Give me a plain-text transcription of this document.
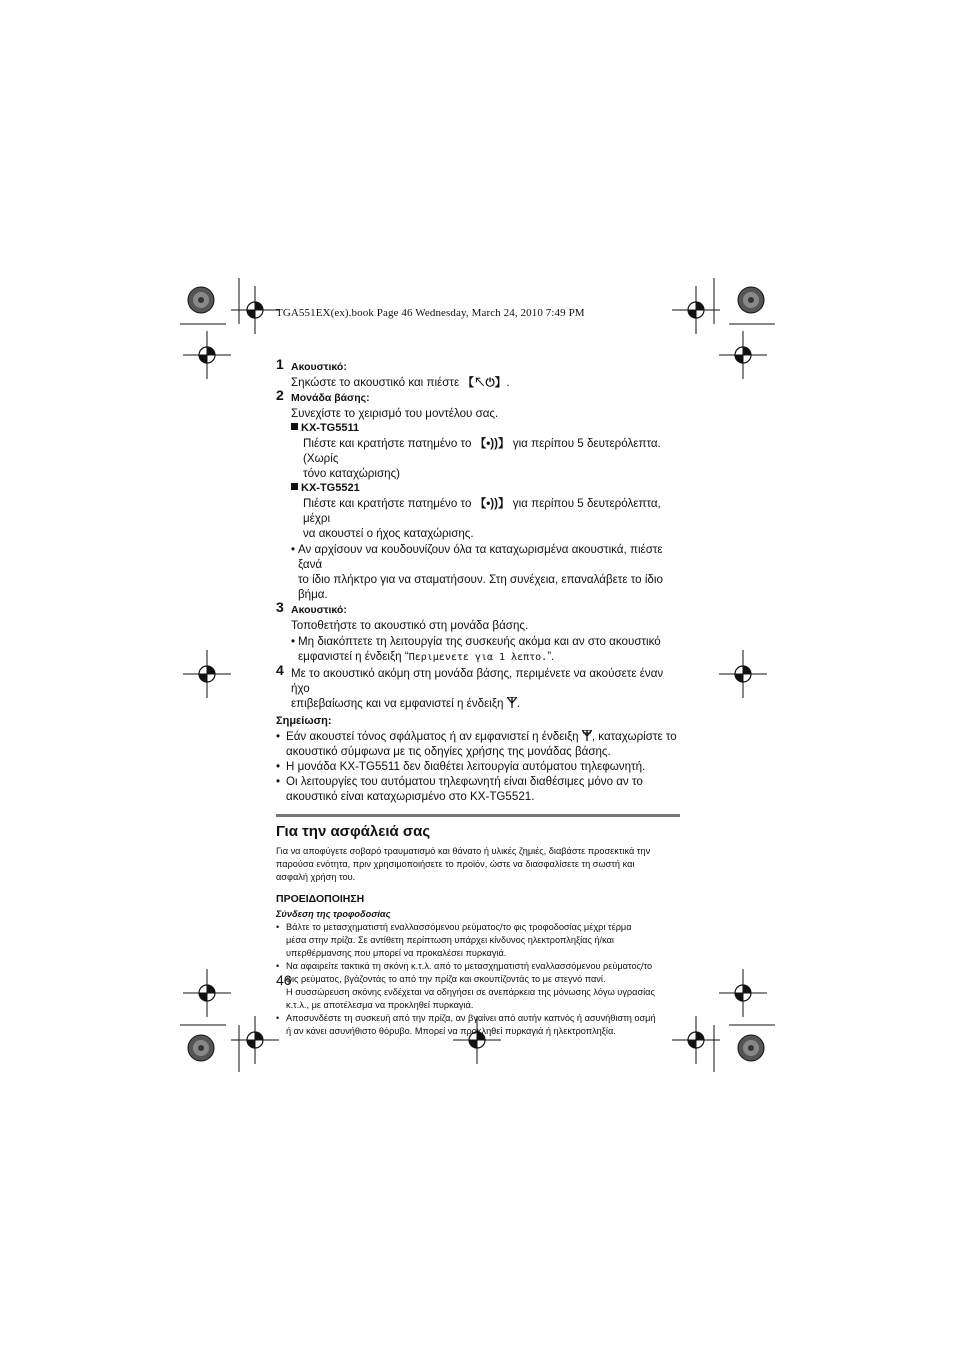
TGA551EX(ex).book Page 46 Wednesday, March 24, 2010 7:49 PM
1 Ακουστικό:
Σηκώστε το ακουστικό και πιέστε 【↖⏻】.
2 Μονάδα βάσης:
Συνεχίστε το χειρισμό του μοντέλου σας.
KX-TG5511
Πιέστε και κρατήστε πατημένο το 【•))】 για περίπου 5 δευτερόλεπτα. (Χωρίς
τόνο καταχώρισης)
KX-TG5521
Πιέστε και κρατήστε πατημένο το 【•))】 για περίπου 5 δευτερόλεπτα, μέχρι
να ακουστεί ο ήχος καταχώρισης.
• Αν αρχίσουν να κουδουνίζουν όλα τα καταχωρισμένα ακουστικά, πιέστε ξανά
το ίδιο πλήκτρο για να σταματήσουν. Στη συνέχεια, επαναλάβετε το ίδιο
βήμα.
3 Ακουστικό:
Τοποθετήστε το ακουστικό στη μονάδα βάσης.
• Μη διακόπτετε τη λειτουργία της συσκευής ακόμα και αν στο ακουστικό
εμφανιστεί η ένδειξη “Περιμενετε για 1 λεπτο.”.
4 Με το ακουστικό ακόμη στη μονάδα βάσης, περιμένετε να ακούσετε έναν ήχο
επιβεβαίωσης και να εμφανιστεί η ένδειξη .
Σημείωση:
• Εάν ακουστεί τόνος σφάλματος ή αν εμφανιστεί η ένδειξη , καταχωρίστε το
ακουστικό σύμφωνα με τις οδηγίες χρήσης της μονάδας βάσης.
• Η μονάδα KX-TG5511 δεν διαθέτει λειτουργία αυτόματου τηλεφωνητή.
• Οι λειτουργίες του αυτόματου τηλεφωνητή είναι διαθέσιμες μόνο αν το
ακουστικό είναι καταχωρισμένο στο KX-TG5521.
Για την ασφάλειά σας
Για να αποφύγετε σοβαρό τραυματισμό και θάνατο ή υλικές ζημιές, διαβάστε προσεκτικά την
παρούσα ενότητα, πριν χρησιμοποιήσετε το προϊόν, ώστε να διασφαλίσετε τη σωστή και
ασφαλή χρήση του.
ΠΡΟΕΙΔΟΠΟΙΗΣΗ
Σύνδεση της τροφοδοσίας
• Βάλτε το μετασχηματιστή εναλλασσόμενου ρεύματος/το φις τροφοδοσίας μέχρι τέρμα
μέσα στην πρίζα. Σε αντίθετη περίπτωση υπάρχει κίνδυνος ηλεκτροπληξίας ή/και
υπερθέρμανσης που μπορεί να προκαλέσει πυρκαγιά.
• Να αφαιρείτε τακτικά τη σκόνη κ.τ.λ. από το μετασχηματιστή εναλλασσόμενου ρεύματος/το
φις ρεύματος, βγάζοντάς το από την πρίζα και σκουπίζοντάς το με στεγνό πανί.
Η συσσώρευση σκόνης ενδέχεται να οδηγήσει σε ανεπάρκεια της μόνωσης λόγω υγρασίας
κ.τ.λ., με αποτέλεσμα να προκληθεί πυρκαγιά.
• Αποσυνδέστε τη συσκευή από την πρίζα, αν βγαίνει από αυτήν καπνός ή ασυνήθιστη οσμή
ή αν κάνει ασυνήθιστο θόρυβο. Μπορεί να προκληθεί πυρκαγιά ή ηλεκτροπληξία.
46
